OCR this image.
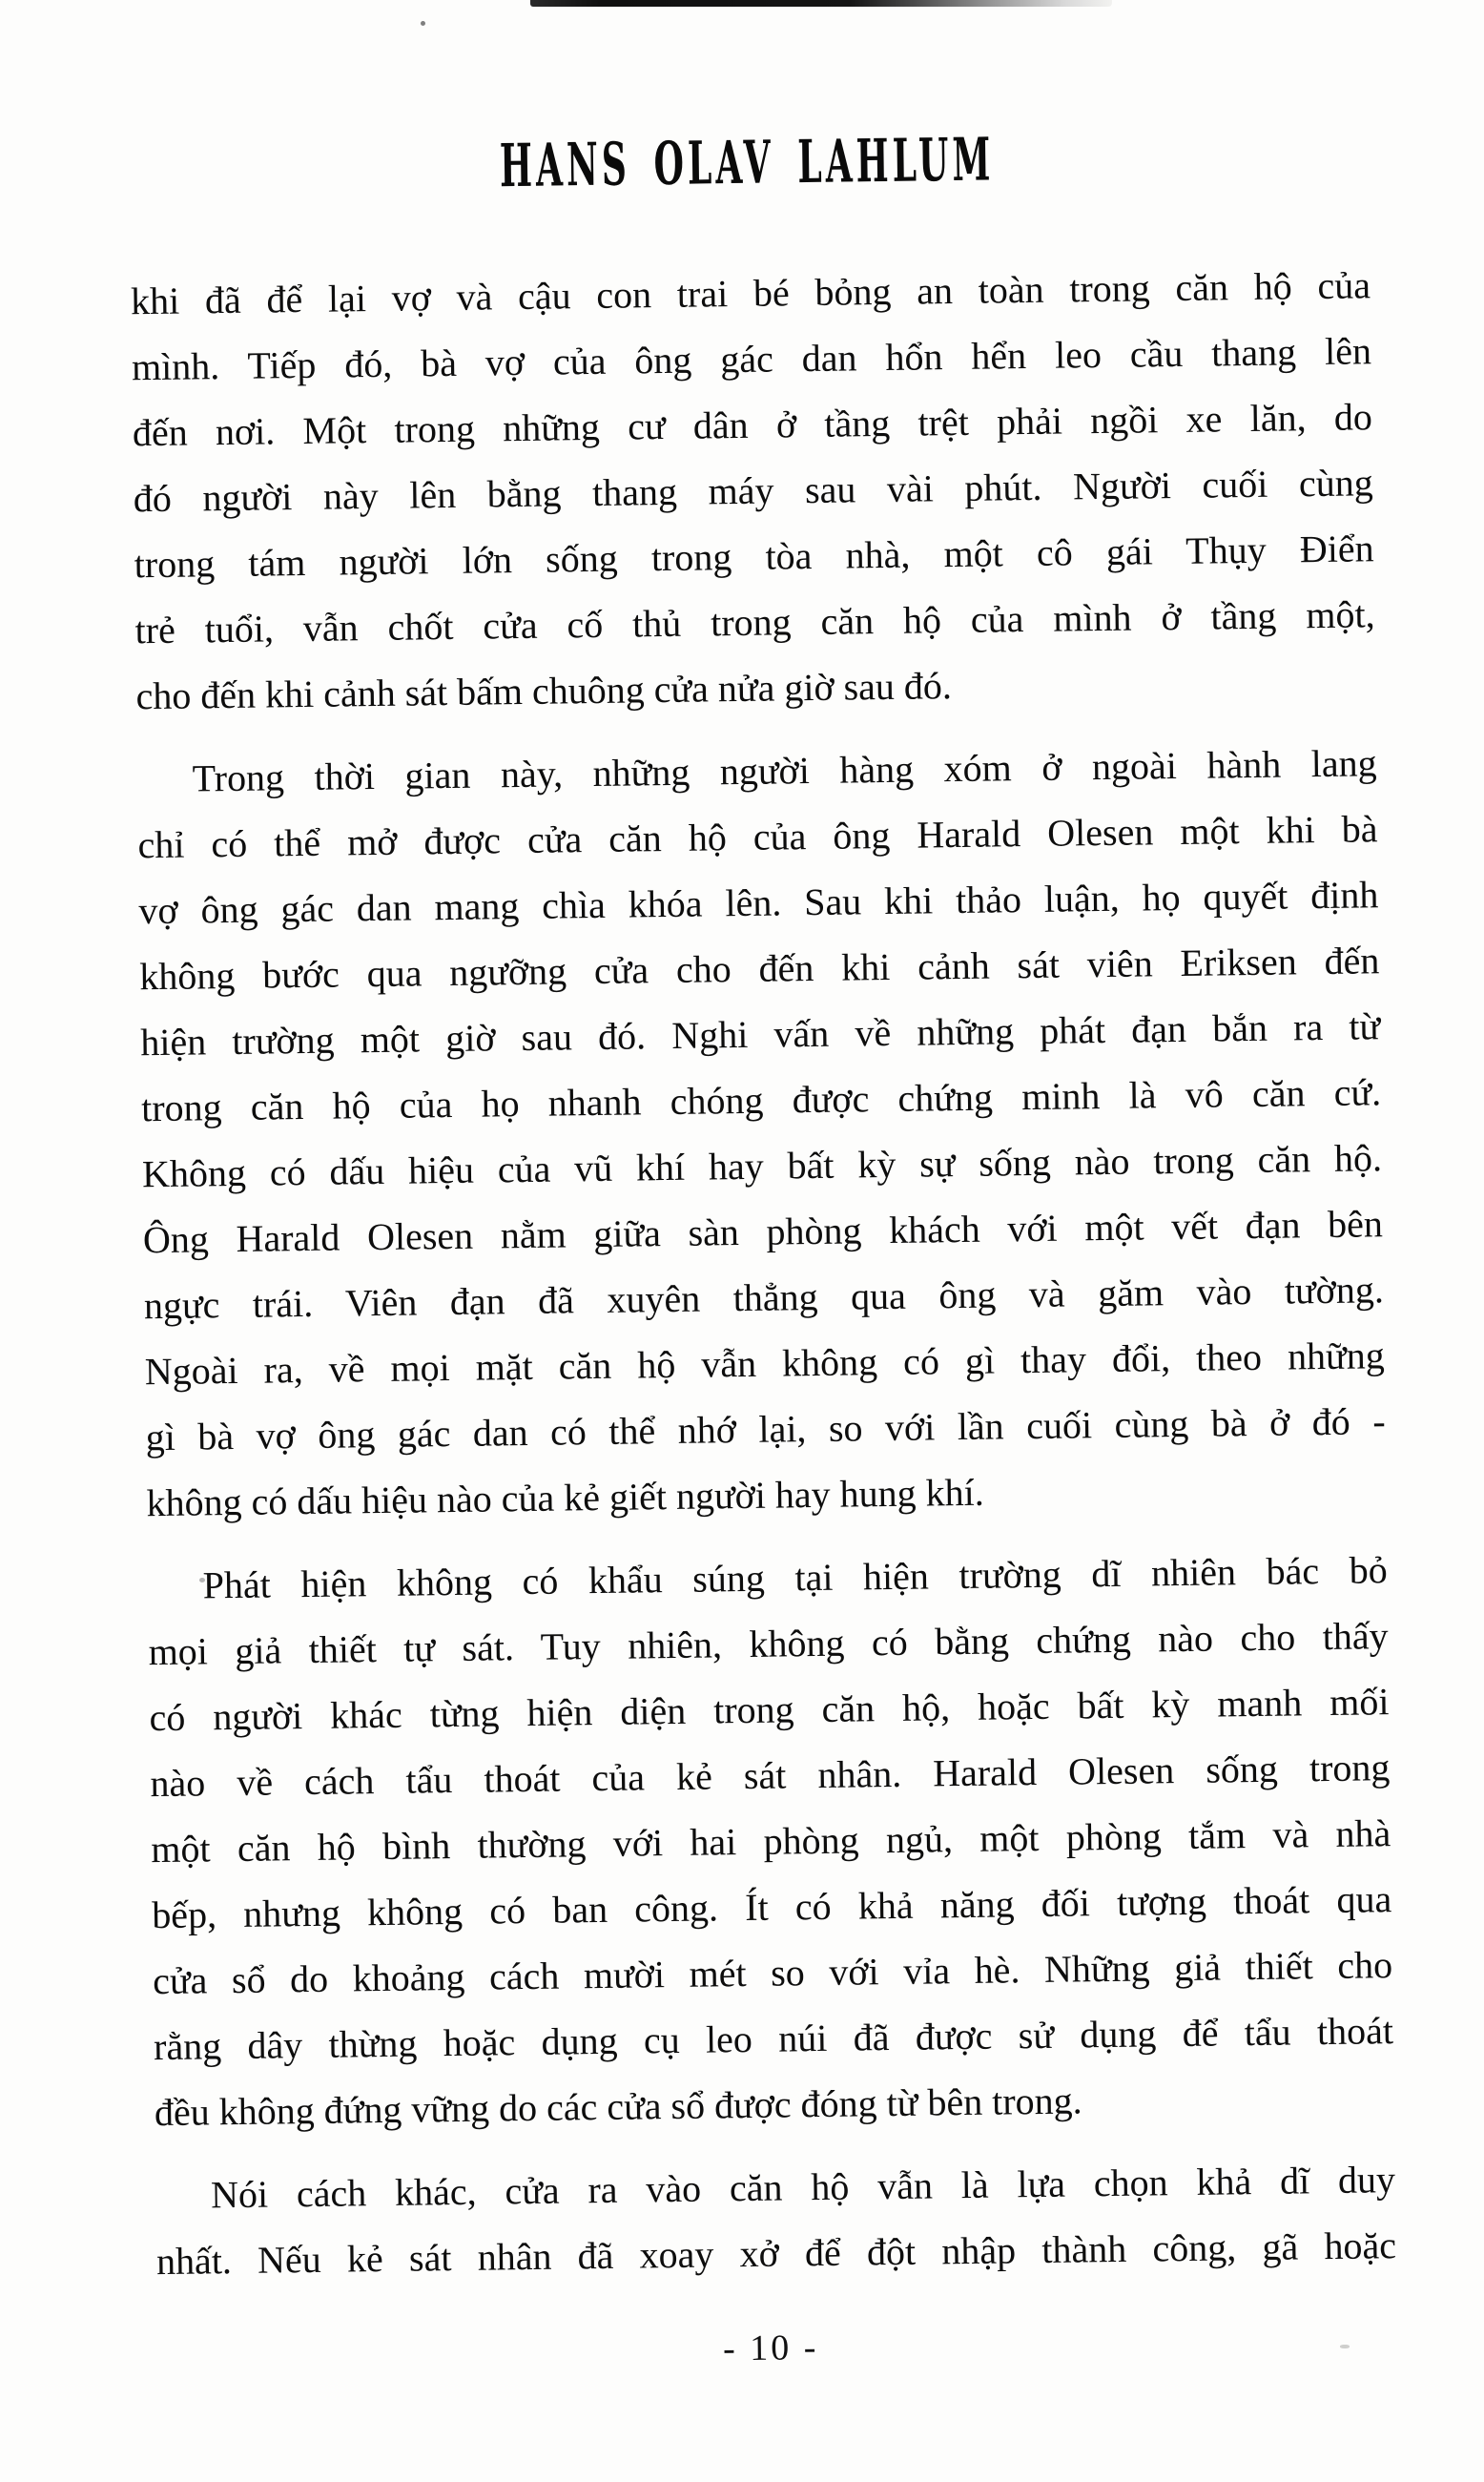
HANS OLAV LAHLUM
khi đã để lại vợ và cậu con trai bé bỏng an toàn trong căn hộ của
mình. Tiếp đó, bà vợ của ông gác dan hổn hển leo cầu thang lên
đến nơi. Một trong những cư dân ở tầng trệt phải ngồi xe lăn, do
đó người này lên bằng thang máy sau vài phút. Người cuối cùng
trong tám người lớn sống trong tòa nhà, một cô gái Thụy Điển
trẻ tuổi, vẫn chốt cửa cố thủ trong căn hộ của mình ở tầng một,
cho đến khi cảnh sát bấm chuông cửa nửa giờ sau đó.
Trong thời gian này, những người hàng xóm ở ngoài hành lang
chỉ có thể mở được cửa căn hộ của ông Harald Olesen một khi bà
vợ ông gác dan mang chìa khóa lên. Sau khi thảo luận, họ quyết định
không bước qua ngưỡng cửa cho đến khi cảnh sát viên Eriksen đến
hiện trường một giờ sau đó. Nghi vấn về những phát đạn bắn ra từ
trong căn hộ của họ nhanh chóng được chứng minh là vô căn cứ.
Không có dấu hiệu của vũ khí hay bất kỳ sự sống nào trong căn hộ.
Ông Harald Olesen nằm giữa sàn phòng khách với một vết đạn bên
ngực trái. Viên đạn đã xuyên thẳng qua ông và găm vào tường.
Ngoài ra, về mọi mặt căn hộ vẫn không có gì thay đổi, theo những
gì bà vợ ông gác dan có thể nhớ lại, so với lần cuối cùng bà ở đó -
không có dấu hiệu nào của kẻ giết người hay hung khí.
Phát hiện không có khẩu súng tại hiện trường dĩ nhiên bác bỏ
mọi giả thiết tự sát. Tuy nhiên, không có bằng chứng nào cho thấy
có người khác từng hiện diện trong căn hộ, hoặc bất kỳ manh mối
nào về cách tẩu thoát của kẻ sát nhân. Harald Olesen sống trong
một căn hộ bình thường với hai phòng ngủ, một phòng tắm và nhà
bếp, nhưng không có ban công. Ít có khả năng đối tượng thoát qua
cửa sổ do khoảng cách mười mét so với vỉa hè. Những giả thiết cho
rằng dây thừng hoặc dụng cụ leo núi đã được sử dụng để tẩu thoát
đều không đứng vững do các cửa sổ được đóng từ bên trong.
Nói cách khác, cửa ra vào căn hộ vẫn là lựa chọn khả dĩ duy
nhất. Nếu kẻ sát nhân đã xoay xở để đột nhập thành công, gã hoặc
- 10 -
